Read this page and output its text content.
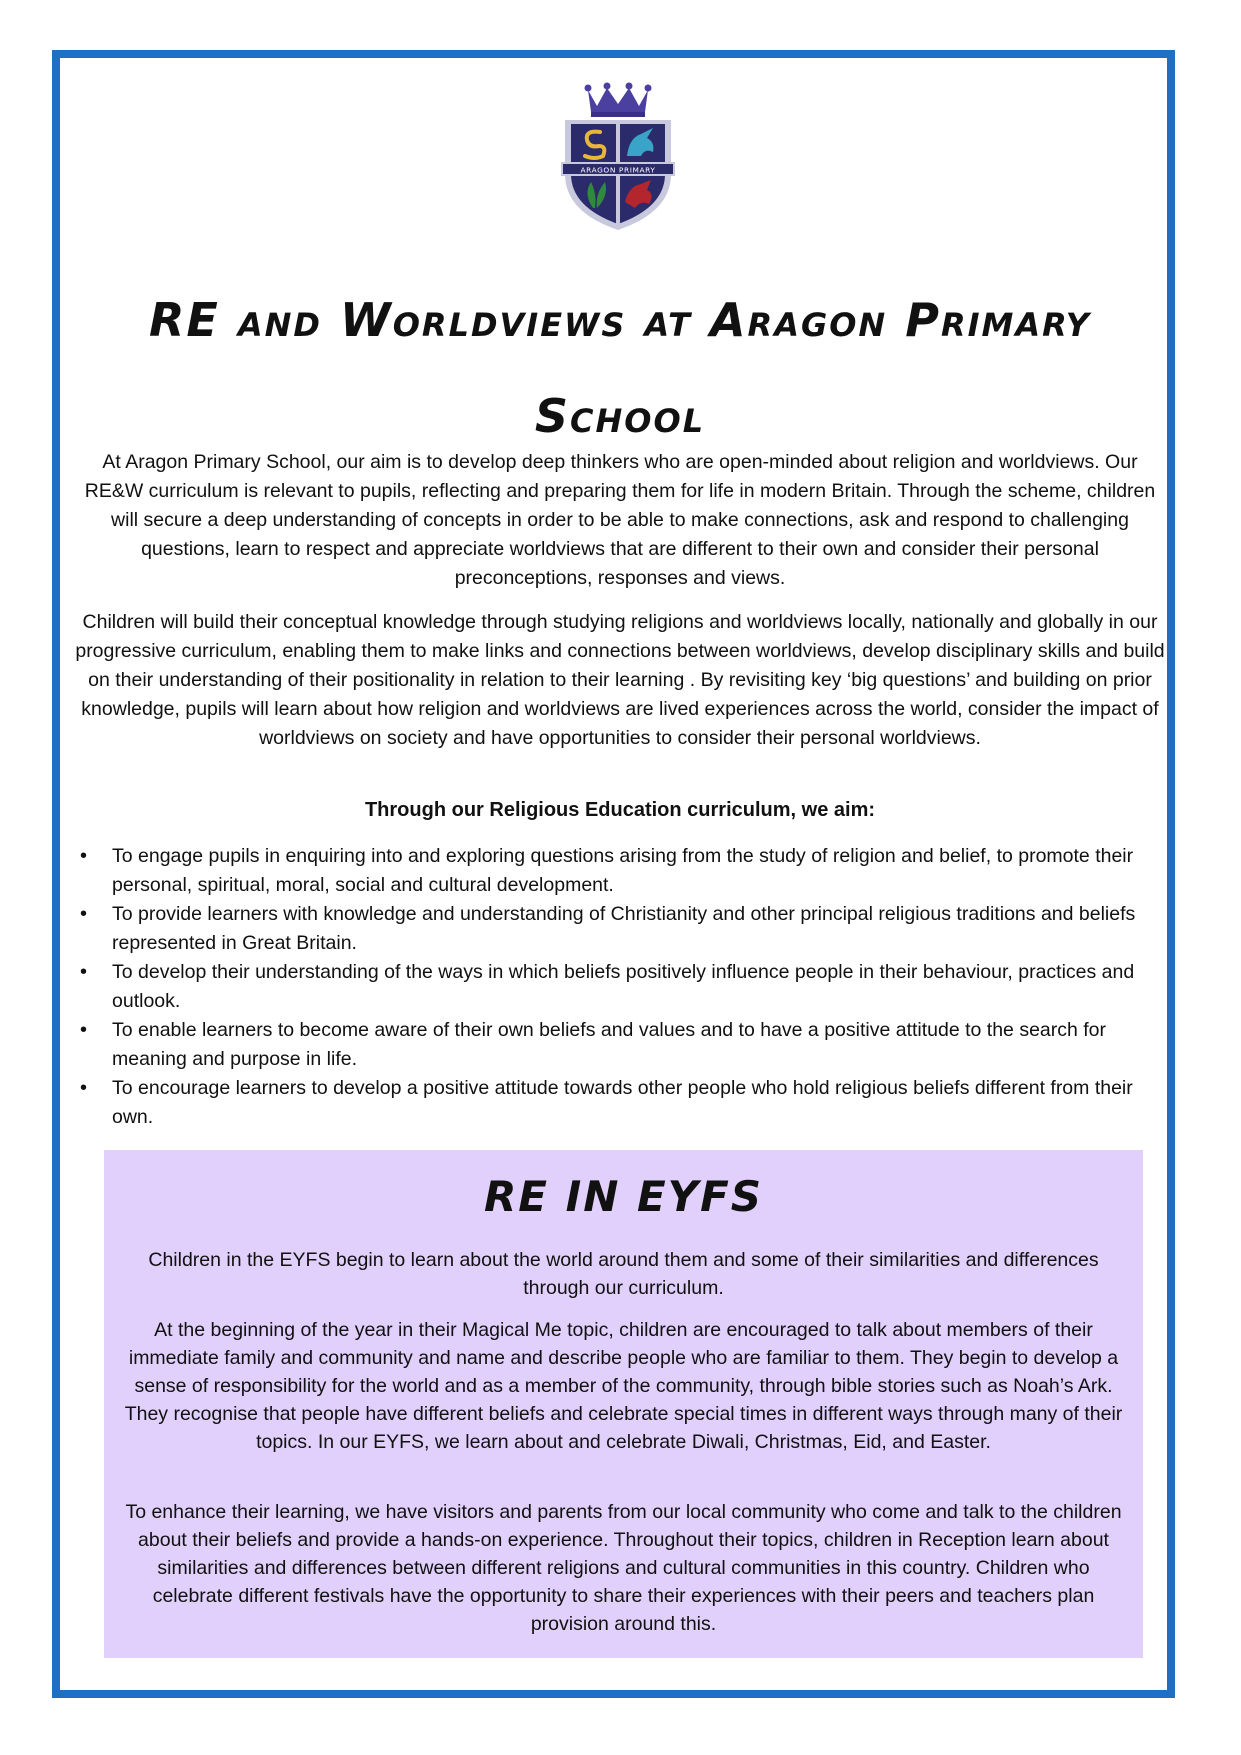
ARAGON PRIMARY
RE and Worldviews at Aragon Primary School

At Aragon Primary School, our aim is to develop deep thinkers who are open-minded about religion and worldviews. Our RE&W curriculum is relevant to pupils, reflecting and preparing them for life in modern Britain. Through the scheme, children will secure a deep understanding of concepts in order to be able to make connections, ask and respond to challenging questions, learn to respect and appreciate worldviews that are different to their own and consider their personal preconceptions, responses and views.

Children will build their conceptual knowledge through studying religions and worldviews locally, nationally and globally in our progressive curriculum, enabling them to make links and connections between worldviews, develop disciplinary skills and build on their understanding of their positionality in relation to their learning . By revisiting key ‘big questions’ and building on prior knowledge, pupils will learn about how religion and worldviews are lived experiences across the world, consider the impact of worldviews on society and have opportunities to consider their personal worldviews.

Through our Religious Education curriculum, we aim:

• To engage pupils in enquiring into and exploring questions arising from the study of religion and belief, to promote their personal, spiritual, moral, social and cultural development.
• To provide learners with knowledge and understanding of Christianity and other principal religious traditions and beliefs represented in Great Britain.
• To develop their understanding of the ways in which beliefs positively influence people in their behaviour, practices and outlook.
• To enable learners to become aware of their own beliefs and values and to have a positive attitude to the search for meaning and purpose in life.
• To encourage learners to develop a positive attitude towards other people who hold religious beliefs different from their own.
RE IN EYFS

Children in the EYFS begin to learn about the world around them and some of their similarities and differences through our curriculum.

At the beginning of the year in their Magical Me topic, children are encouraged to talk about members of their immediate family and community and name and describe people who are familiar to them. They begin to develop a sense of responsibility for the world and as a member of the community, through bible stories such as Noah’s Ark. They recognise that people have different beliefs and celebrate special times in different ways through many of their topics. In our EYFS, we learn about and celebrate Diwali, Christmas, Eid, and Easter.

To enhance their learning, we have visitors and parents from our local community who come and talk to the children about their beliefs and provide a hands-on experience. Throughout their topics, children in Reception learn about similarities and differences between different religions and cultural communities in this country. Children who celebrate different festivals have the opportunity to share their experiences with their peers and teachers plan provision around this.
